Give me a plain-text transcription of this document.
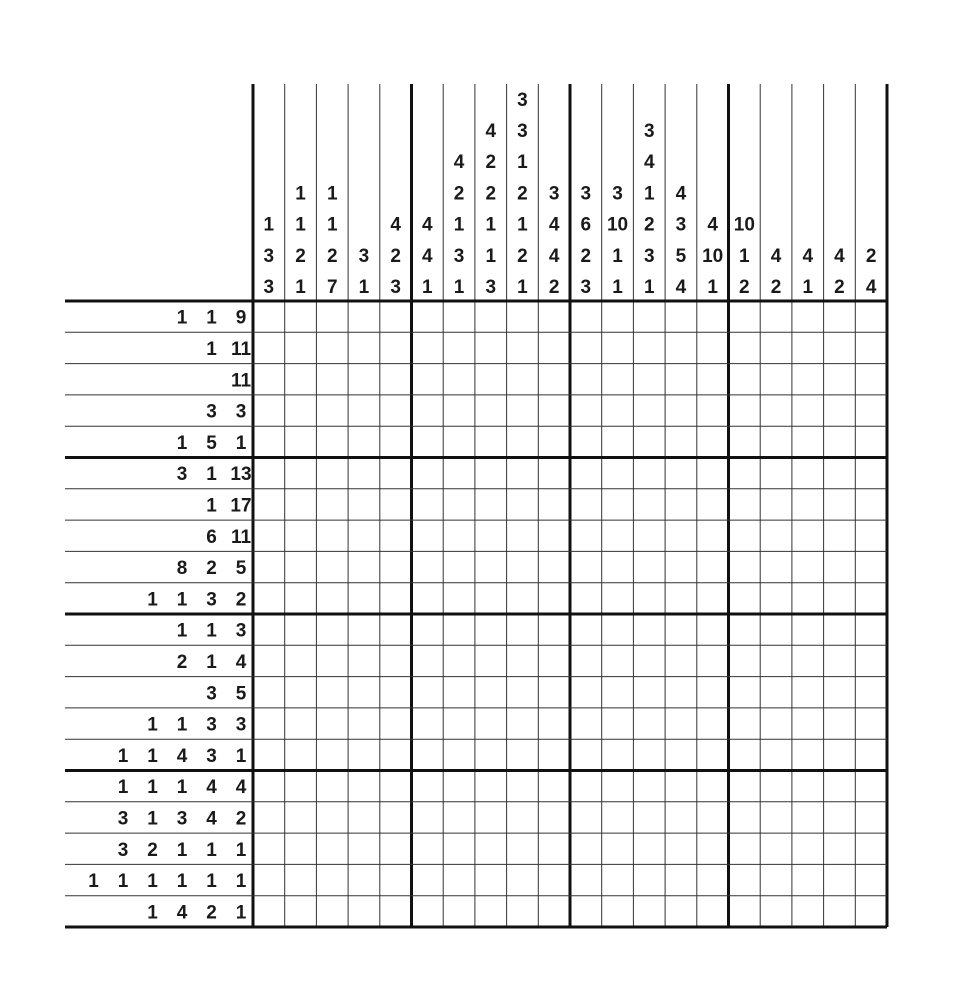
1
3
3
1
1
2
1
1
1
2
7
3
1
4
2
3
4
4
1
4
2
1
3
1
4
2
2
1
1
3
3
3
1
2
1
2
1
3
4
4
2
3
6
2
3
3
10
1
1
3
4
1
2
3
1
4
3
5
4
4
10
1
10
1
2
4
2
4
1
4
2
2
4
1 1 9
1 11
11
3 3
1 5 1
3 1 13
1 17
6 11
8 2 5
1 1 3 2
1 1 3
2 1 4
3 5
1 1 3 3
1 1 4 3 1
1 1 1 4 4
3 1 3 4 2
3 2 1 1 1
1 1 1 1 1 1
1 4 2 1
